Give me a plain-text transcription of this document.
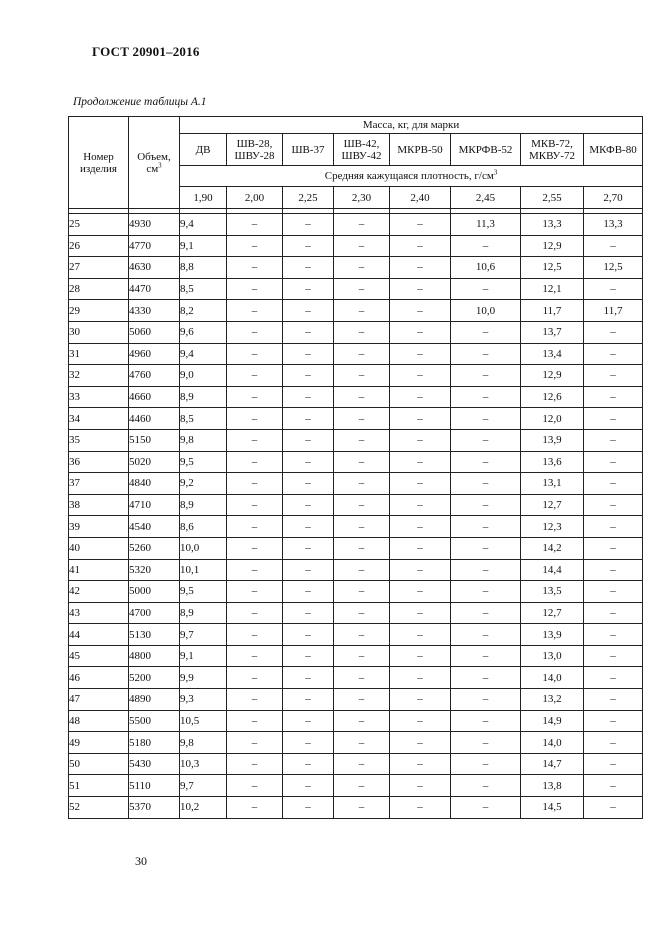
ГОСТ 20901–2016
Продолжение таблицы А.1
Номер изделия	Объем, $см^3$	Масса, кг, для марки							
		ДВ	ШВ-28, ШВУ-28	ШВ-37	ШВ-42, ШВУ-42	МКРВ-50	МКРФВ-52	МКВ-72, МКВУ-72	МКФВ-80
		Средняя кажущаяся плотность, $г/см^3$
		1,90	2,00	2,25	2,30	2,40	2,45	2,55	2,70

25	4930	9,4	–	–	–	–	11,3	13,3	13,3
26	4770	9,1	–	–	–	–	–	12,9	–
27	4630	8,8	–	–	–	–	10,6	12,5	12,5
28	4470	8,5	–	–	–	–	–	12,1	–
29	4330	8,2	–	–	–	–	10,0	11,7	11,7
30	5060	9,6	–	–	–	–	–	13,7	–
31	4960	9,4	–	–	–	–	–	13,4	–
32	4760	9,0	–	–	–	–	–	12,9	–
33	4660	8,9	–	–	–	–	–	12,6	–
34	4460	8,5	–	–	–	–	–	12,0	–
35	5150	9,8	–	–	–	–	–	13,9	–
36	5020	9,5	–	–	–	–	–	13,6	–
37	4840	9,2	–	–	–	–	–	13,1	–
38	4710	8,9	–	–	–	–	–	12,7	–
39	4540	8,6	–	–	–	–	–	12,3	–
40	5260	10,0	–	–	–	–	–	14,2	–
41	5320	10,1	–	–	–	–	–	14,4	–
42	5000	9,5	–	–	–	–	–	13,5	–
43	4700	8,9	–	–	–	–	–	12,7	–
44	5130	9,7	–	–	–	–	–	13,9	–
45	4800	9,1	–	–	–	–	–	13,0	–
46	5200	9,9	–	–	–	–	–	14,0	–
47	4890	9,3	–	–	–	–	–	13,2	–
48	5500	10,5	–	–	–	–	–	14,9	–
49	5180	9,8	–	–	–	–	–	14,0	–
50	5430	10,3	–	–	–	–	–	14,7	–
51	5110	9,7	–	–	–	–	–	13,8	–
52	5370	10,2	–	–	–	–	–	14,5	–
30
